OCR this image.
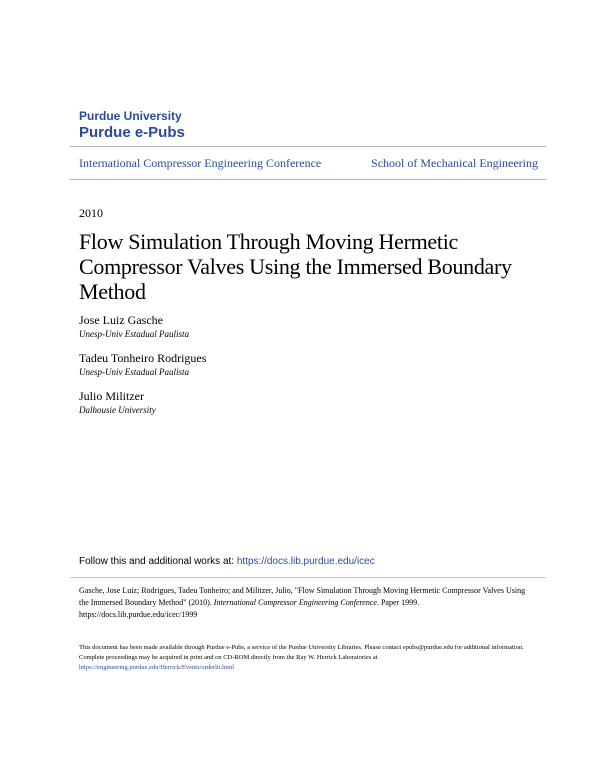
Purdue University
Purdue e-Pubs
International Compressor Engineering Conference	School of Mechanical Engineering
2010
Flow Simulation Through Moving Hermetic Compressor Valves Using the Immersed Boundary Method
Jose Luiz Gasche
Unesp-Univ Estadual Paulista
Tadeu Tonheiro Rodrigues
Unesp-Univ Estadual Paulista
Julio Militzer
Dalhousie University
Follow this and additional works at: https://docs.lib.purdue.edu/icec
Gasche, Jose Luiz; Rodrigues, Tadeu Tonheiro; and Militzer, Julio, "Flow Simulation Through Moving Hermetic Compressor Valves Using the Immersed Boundary Method" (2010). International Compressor Engineering Conference. Paper 1999.
https://docs.lib.purdue.edu/icec/1999
This document has been made available through Purdue e-Pubs, a service of the Purdue University Libraries. Please contact epubs@purdue.edu for additional information.
Complete proceedings may be acquired in print and on CD-ROM directly from the Ray W. Herrick Laboratories at https://engineering.purdue.edu/Herrick/Events/orderlit.html
